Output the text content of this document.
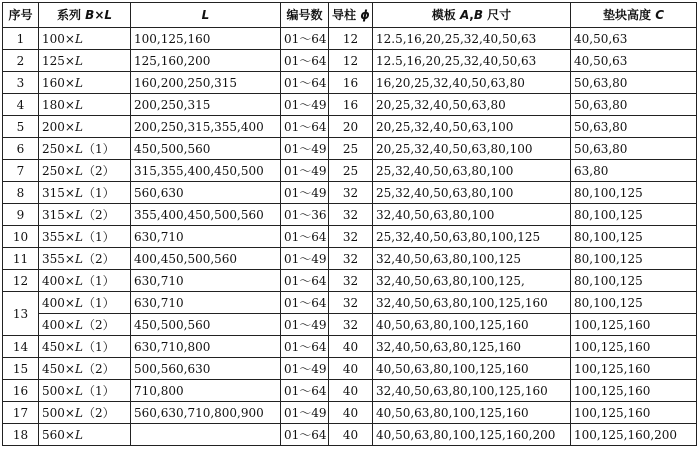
序号	系列 B×L	L	编号数	导柱 ϕ	模板 A,B 尺寸	垫块高度 C
1	100×L	100,125,160	01～64	12	12.5,16,20,25,32,40,50,63	40,50,63
2	125×L	125,160,200	01～64	12	12.5,16,20,25,32,40,50,63	40,50,63
3	160×L	160,200,250,315	01～64	16	16,20,25,32,40,50,63,80	50,63,80
4	180×L	200,250,315	01～49	16	20,25,32,40,50,63,80	50,63,80
5	200×L	200,250,315,355,400	01～64	20	20,25,32,40,50,63,100	50,63,80
6	250×L（1）	450,500,560	01～49	25	20,25,32,40,50,63,80,100	50,63,80
7	250×L（2）	315,355,400,450,500	01～49	25	25,32,40,50,63,80,100	63,80
8	315×L（1）	560,630	01～49	32	25,32,40,50,63,80,100	80,100,125
9	315×L（2）	355,400,450,500,560	01～36	32	32,40,50,63,80,100	80,100,125
10	355×L（1）	630,710	01～64	32	25,32,40,50,63,80,100,125	80,100,125
11	355×L（2）	400,450,500,560	01～49	32	32,40,50,63,80,100,125	80,100,125
12	400×L（1）	630,710	01～64	32	32,40,50,63,80,100,125,	80,100,125
13	400×L（1）	630,710	01～64	32	32,40,50,63,80,100,125,160	80,100,125
	400×L（2）	450,500,560	01～49	32	40,50,63,80,100,125,160	100,125,160
14	450×L（1）	630,710,800	01～64	40	32,40,50,63,80,125,160	100,125,160
15	450×L（2）	500,560,630	01～49	40	40,50,63,80,100,125,160	100,125,160
16	500×L（1）	710,800	01～64	40	32,40,50,63,80,100,125,160	100,125,160
17	500×L（2）	560,630,710,800,900	01～49	40	40,50,63,80,100,125,160	100,125,160
18	560×L		01～64	40	40,50,63,80,100,125,160,200	100,125,160,200
